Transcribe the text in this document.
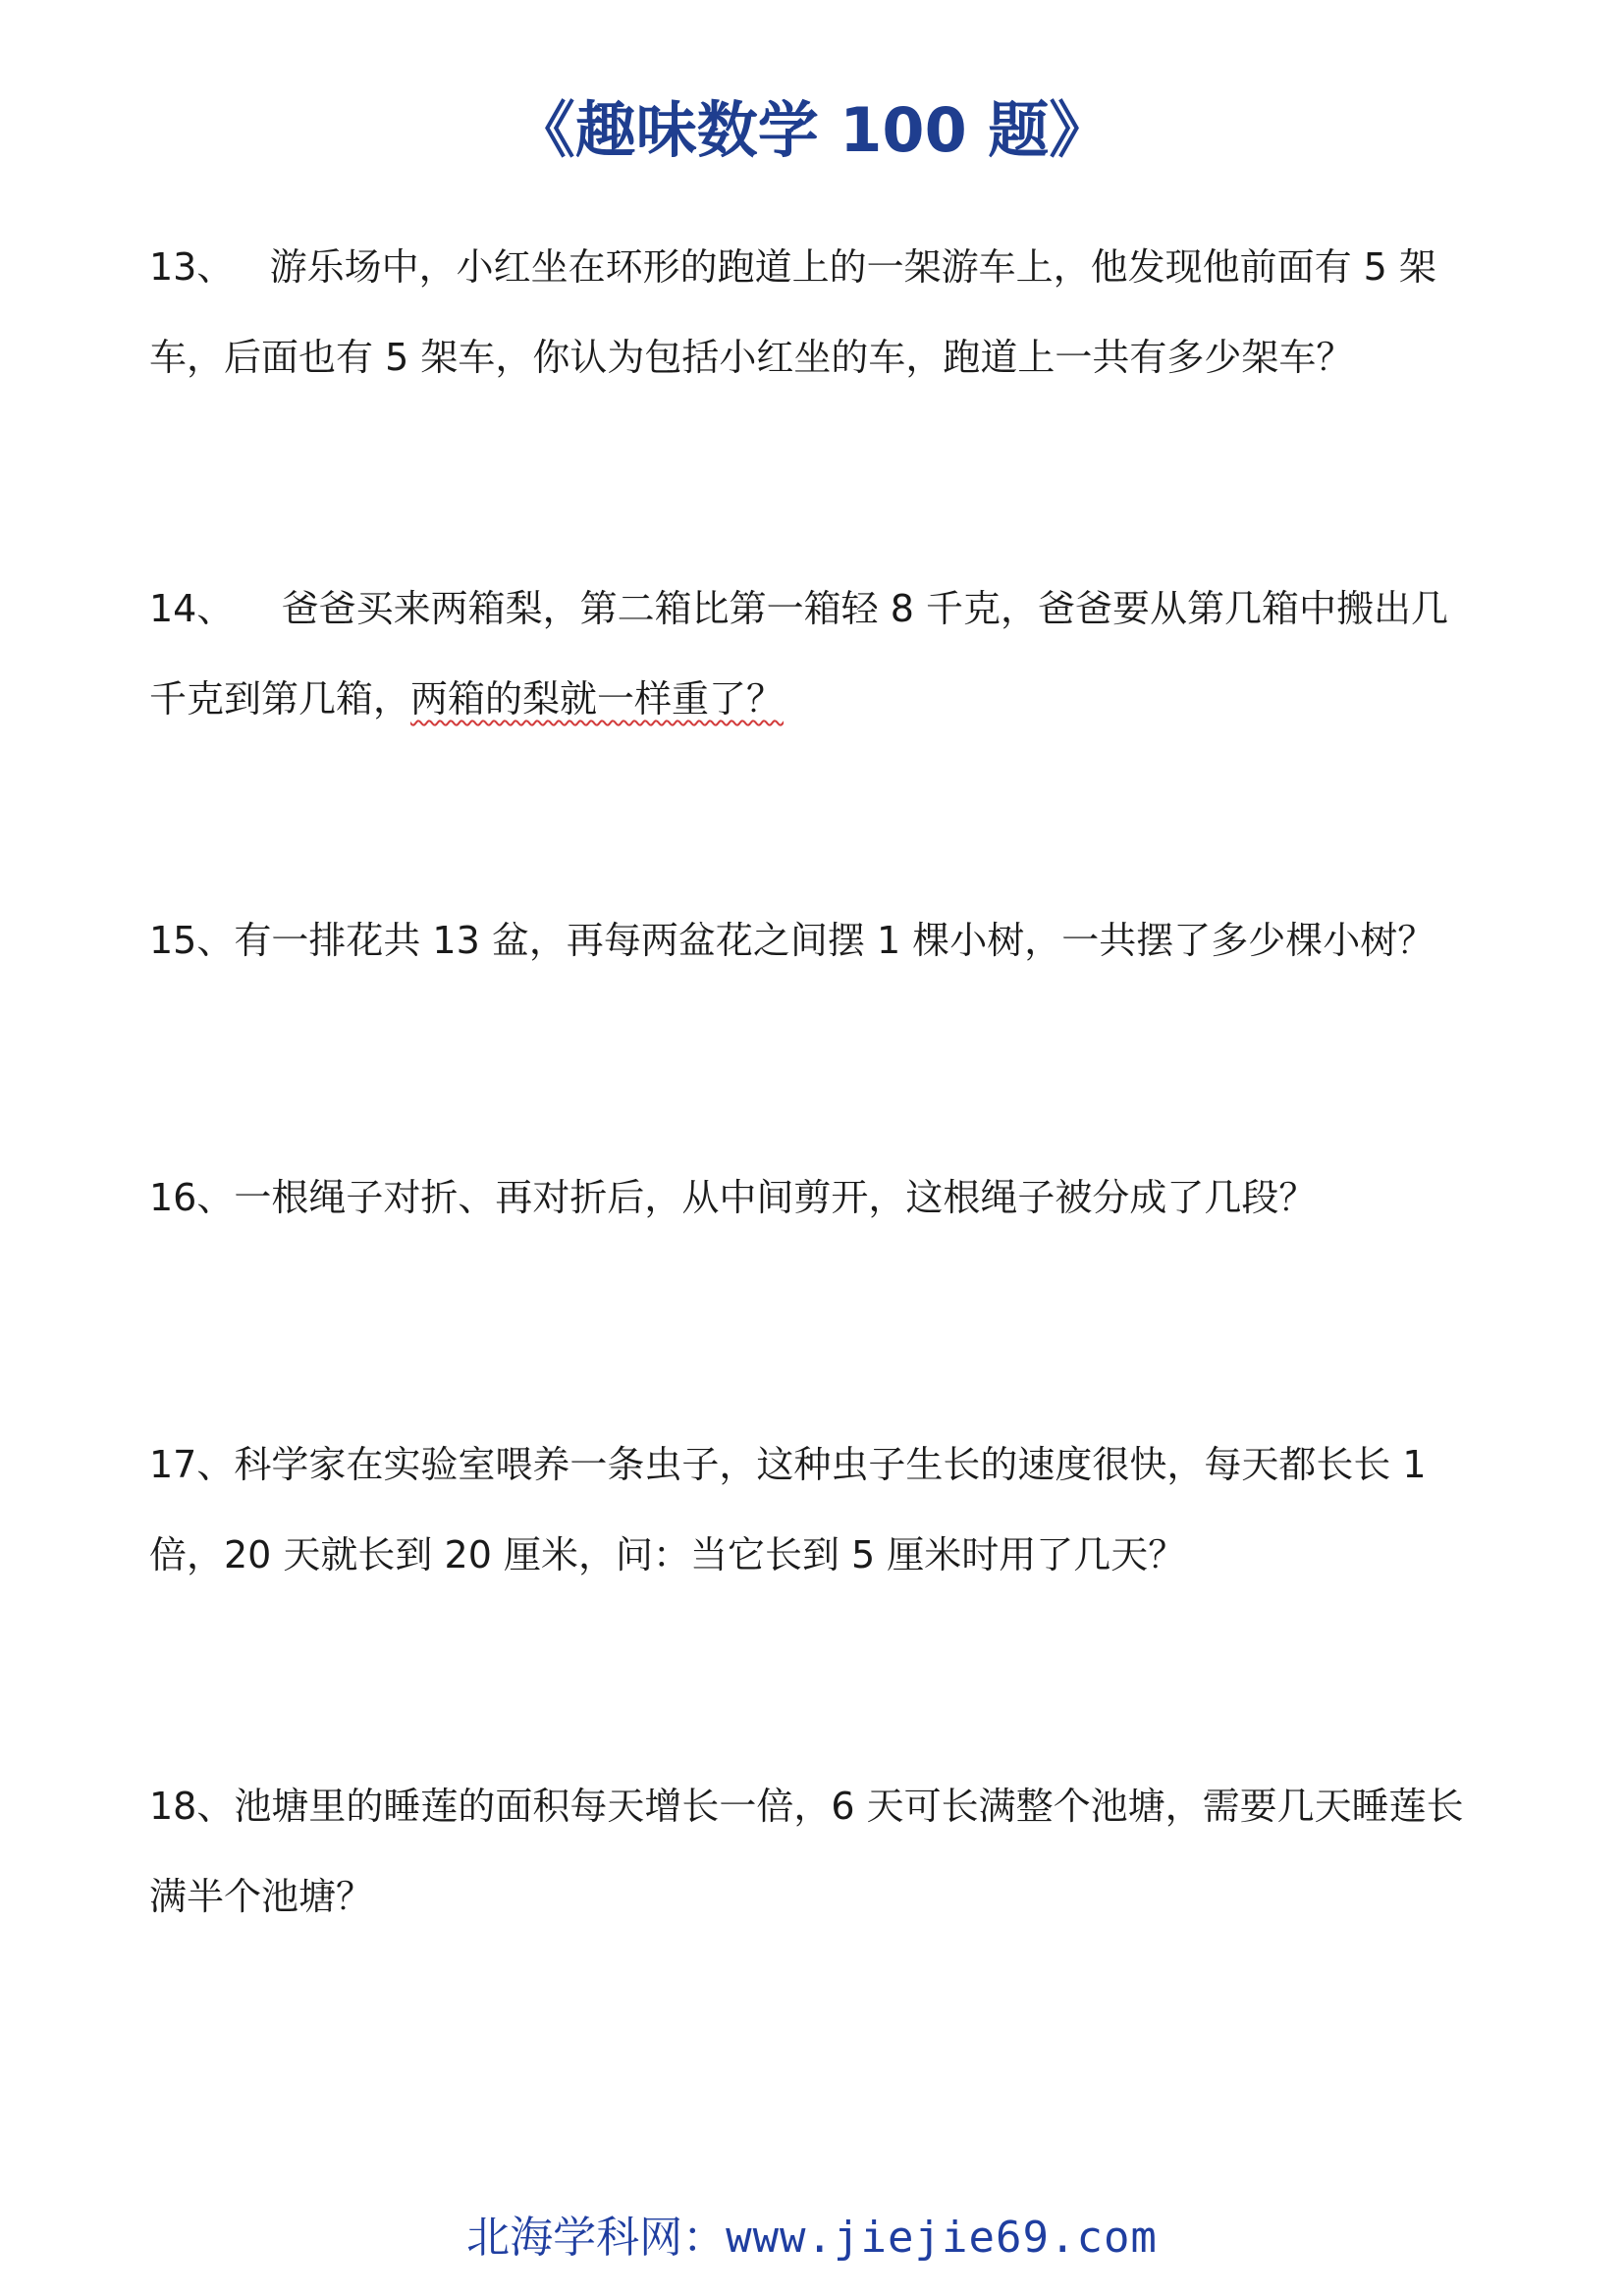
《趣味数学 100 题》

13、   游乐场中，小红坐在环形的跑道上的一架游车上，他发现他前面有 5 架车，后面也有 5 架车，你认为包括小红坐的车，跑道上一共有多少架车？

14、    爸爸买来两箱梨，第二箱比第一箱轻 8 千克，爸爸要从第几箱中搬出几千克到第几箱，两箱的梨就一样重了？

15、有一排花共 13 盆，再每两盆花之间摆 1 棵小树，一共摆了多少棵小树？

16、一根绳子对折、再对折后，从中间剪开，这根绳子被分成了几段？

17、科学家在实验室喂养一条虫子，这种虫子生长的速度很快，每天都长长 1 倍，20 天就长到 20 厘米，问：当它长到 5 厘米时用了几天？

18、池塘里的睡莲的面积每天增长一倍，6 天可长满整个池塘，需要几天睡莲长满半个池塘？

北海学科网：www.jiejie69.com
